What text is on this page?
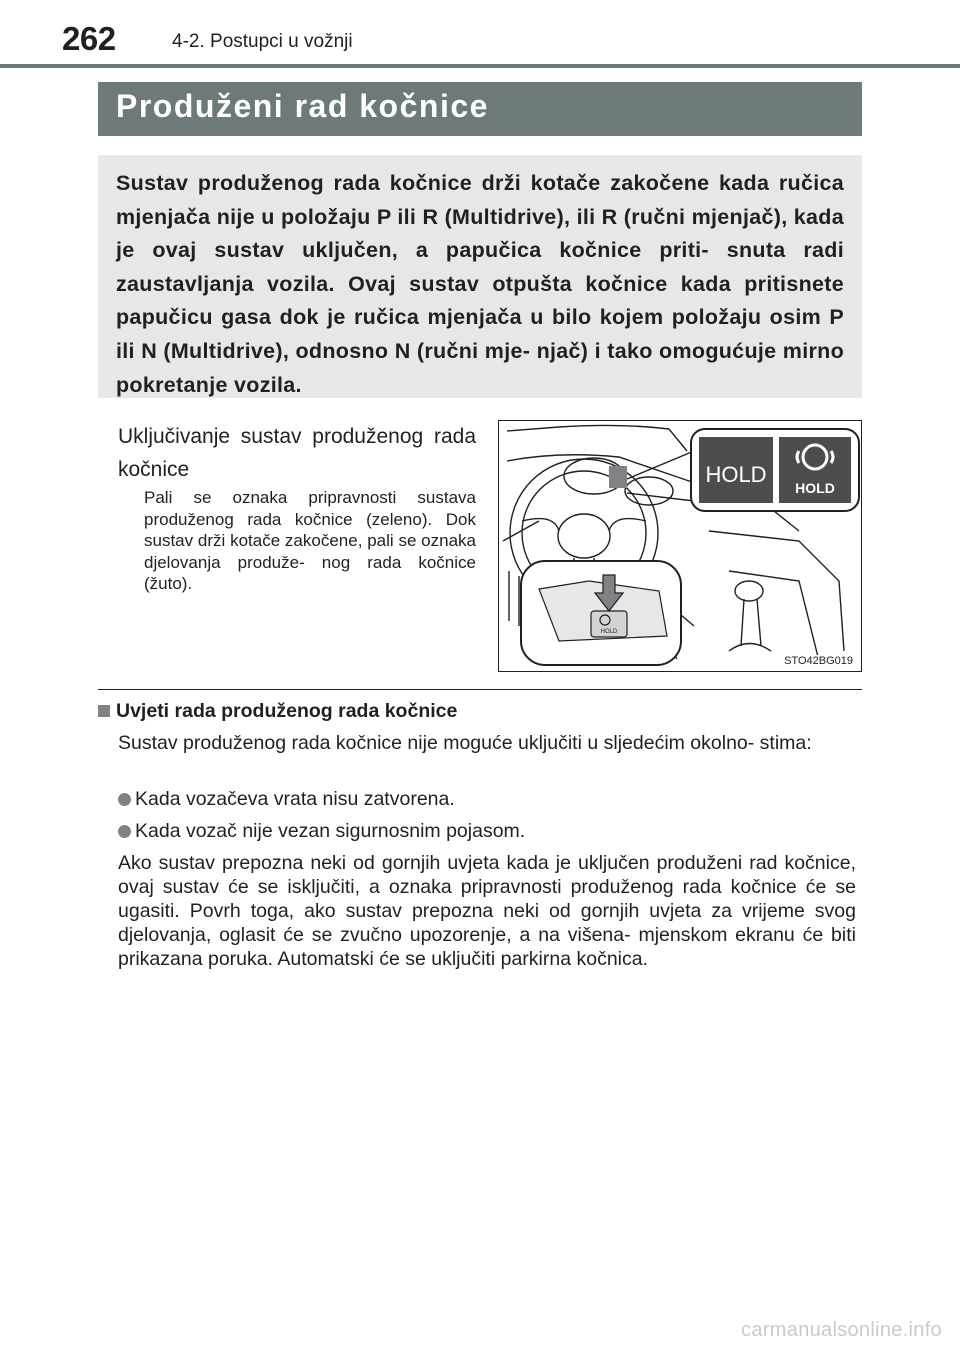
262	4-2. Postupci u vožnji
Produženi rad kočnice

Sustav produženog rada kočnice drži kotače zakočene kada ručica mjenjača nije u položaju P ili R (Multidrive), ili R (ručni mjenjač), kada je ovaj sustav uključen, a papučica kočnice priti- snuta radi zaustavljanja vozila. Ovaj sustav otpušta kočnice kada pritisnete papučicu gasa dok je ručica mjenjača u bilo kojem položaju osim P ili N (Multidrive), odnosno N (ručni mje- njač) i tako omogućuje mirno pokretanje vozila.

Uključivanje sustav produženog rada kočnice
Pali se oznaka pripravnosti sustava produženog rada kočnice (zeleno). Dok sustav drži kotače zakočene, pali se oznaka djelovanja produže- nog rada kočnice (žuto).
HOLD
HOLD
HOLD
STO42BG019
Uvjeti rada produženog rada kočnice
Sustav produženog rada kočnice nije moguće uključiti u sljedećim okolno- stima:
Kada vozačeva vrata nisu zatvorena.
Kada vozač nije vezan sigurnosnim pojasom.
Ako sustav prepozna neki od gornjih uvjeta kada je uključen produženi rad kočnice, ovaj sustav će se isključiti, a oznaka pripravnosti produženog rada kočnice će se ugasiti. Povrh toga, ako sustav prepozna neki od gornjih uvjeta za vrijeme svog djelovanja, oglasit će se zvučno upozorenje, a na višena- mjenskom ekranu će biti prikazana poruka. Automatski će se uključiti parkirna kočnica.
carmanualsonline.info
